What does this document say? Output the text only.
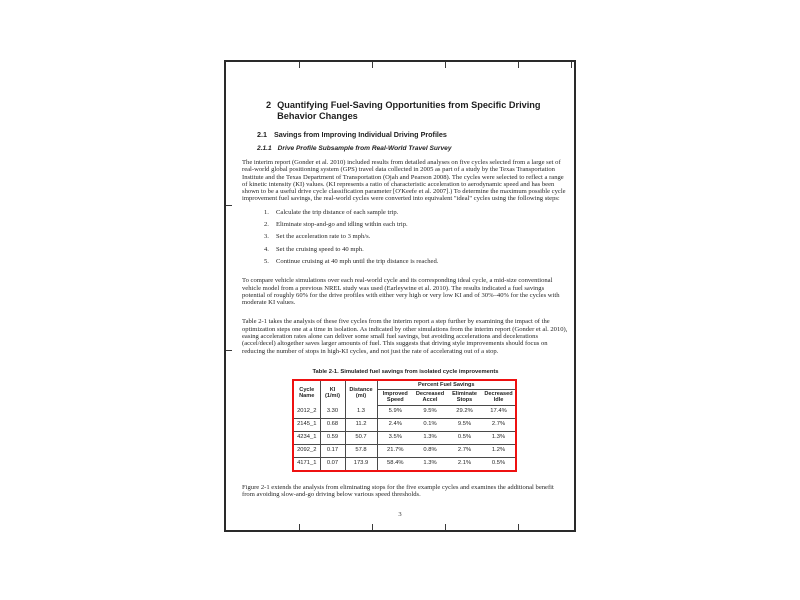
2 Quantifying Fuel-Saving Opportunities from Specific Driving Behavior Changes
2.1 Savings from Improving Individual Driving Profiles
2.1.1 Drive Profile Subsample from Real-World Travel Survey

The interim report (Gonder et al. 2010) included results from detailed analyses on five cycles selected from a large set of real-world global positioning system (GPS) travel data collected in 2005 as part of a study by the Texas Transportation Institute and the Texas Department of Transportation (Ojah and Pearson 2008). The cycles were selected to reflect a range of kinetic intensity (KI) values. (KI represents a ratio of characteristic acceleration to aerodynamic speed and has been shown to be a useful drive cycle classification parameter [O'Keefe et al. 2007].) To determine the maximum possible cycle improvement fuel savings, the real-world cycles were converted into equivalent "ideal" cycles using the following steps:

1.	Calculate the trip distance of each sample trip.
2.	Eliminate stop-and-go and idling within each trip.
3.	Set the acceleration rate to 3 mph/s.
4.	Set the cruising speed to 40 mph.
5.	Continue cruising at 40 mph until the trip distance is reached.

To compare vehicle simulations over each real-world cycle and its corresponding ideal cycle, a mid-size conventional vehicle model from a previous NREL study was used (Earleywine et al. 2010). The results indicated a fuel savings potential of roughly 60% for the drive profiles with either very high or very low KI and of 30%–40% for the cycles with moderate KI values.

Table 2-1 takes the analysis of these five cycles from the interim report a step further by examining the impact of the optimization steps one at a time in isolation. As indicated by other simulations from the interim report (Gonder et al. 2010), easing acceleration rates alone can deliver some small fuel savings, but avoiding accelerations and decelerations (accel/decel) altogether saves larger amounts of fuel. This suggests that driving style improvements should focus on reducing the number of stops in high-KI cycles, and not just the rate of accelerating out of a stop.

Table 2-1. Simulated fuel savings from isolated cycle improvements
Cycle Name	KI (1/mi)	Distance (mi)	Percent Fuel Savings			
			Improved Speed	Decreased Accel	Eliminate Stops	Decreased Idle
2012_2	3.30	1.3	5.9%	9.5%	29.2%	17.4%
2145_1	0.68	11.2	2.4%	0.1%	9.5%	2.7%
4234_1	0.59	50.7	3.5%	1.3%	0.5%	1.3%
2092_2	0.17	57.8	21.7%	0.8%	2.7%	1.2%
4171_1	0.07	173.9	58.4%	1.3%	2.1%	0.5%

Figure 2-1 extends the analysis from eliminating stops for the five example cycles and examines the additional benefit from avoiding slow-and-go driving below various speed thresholds.

3
